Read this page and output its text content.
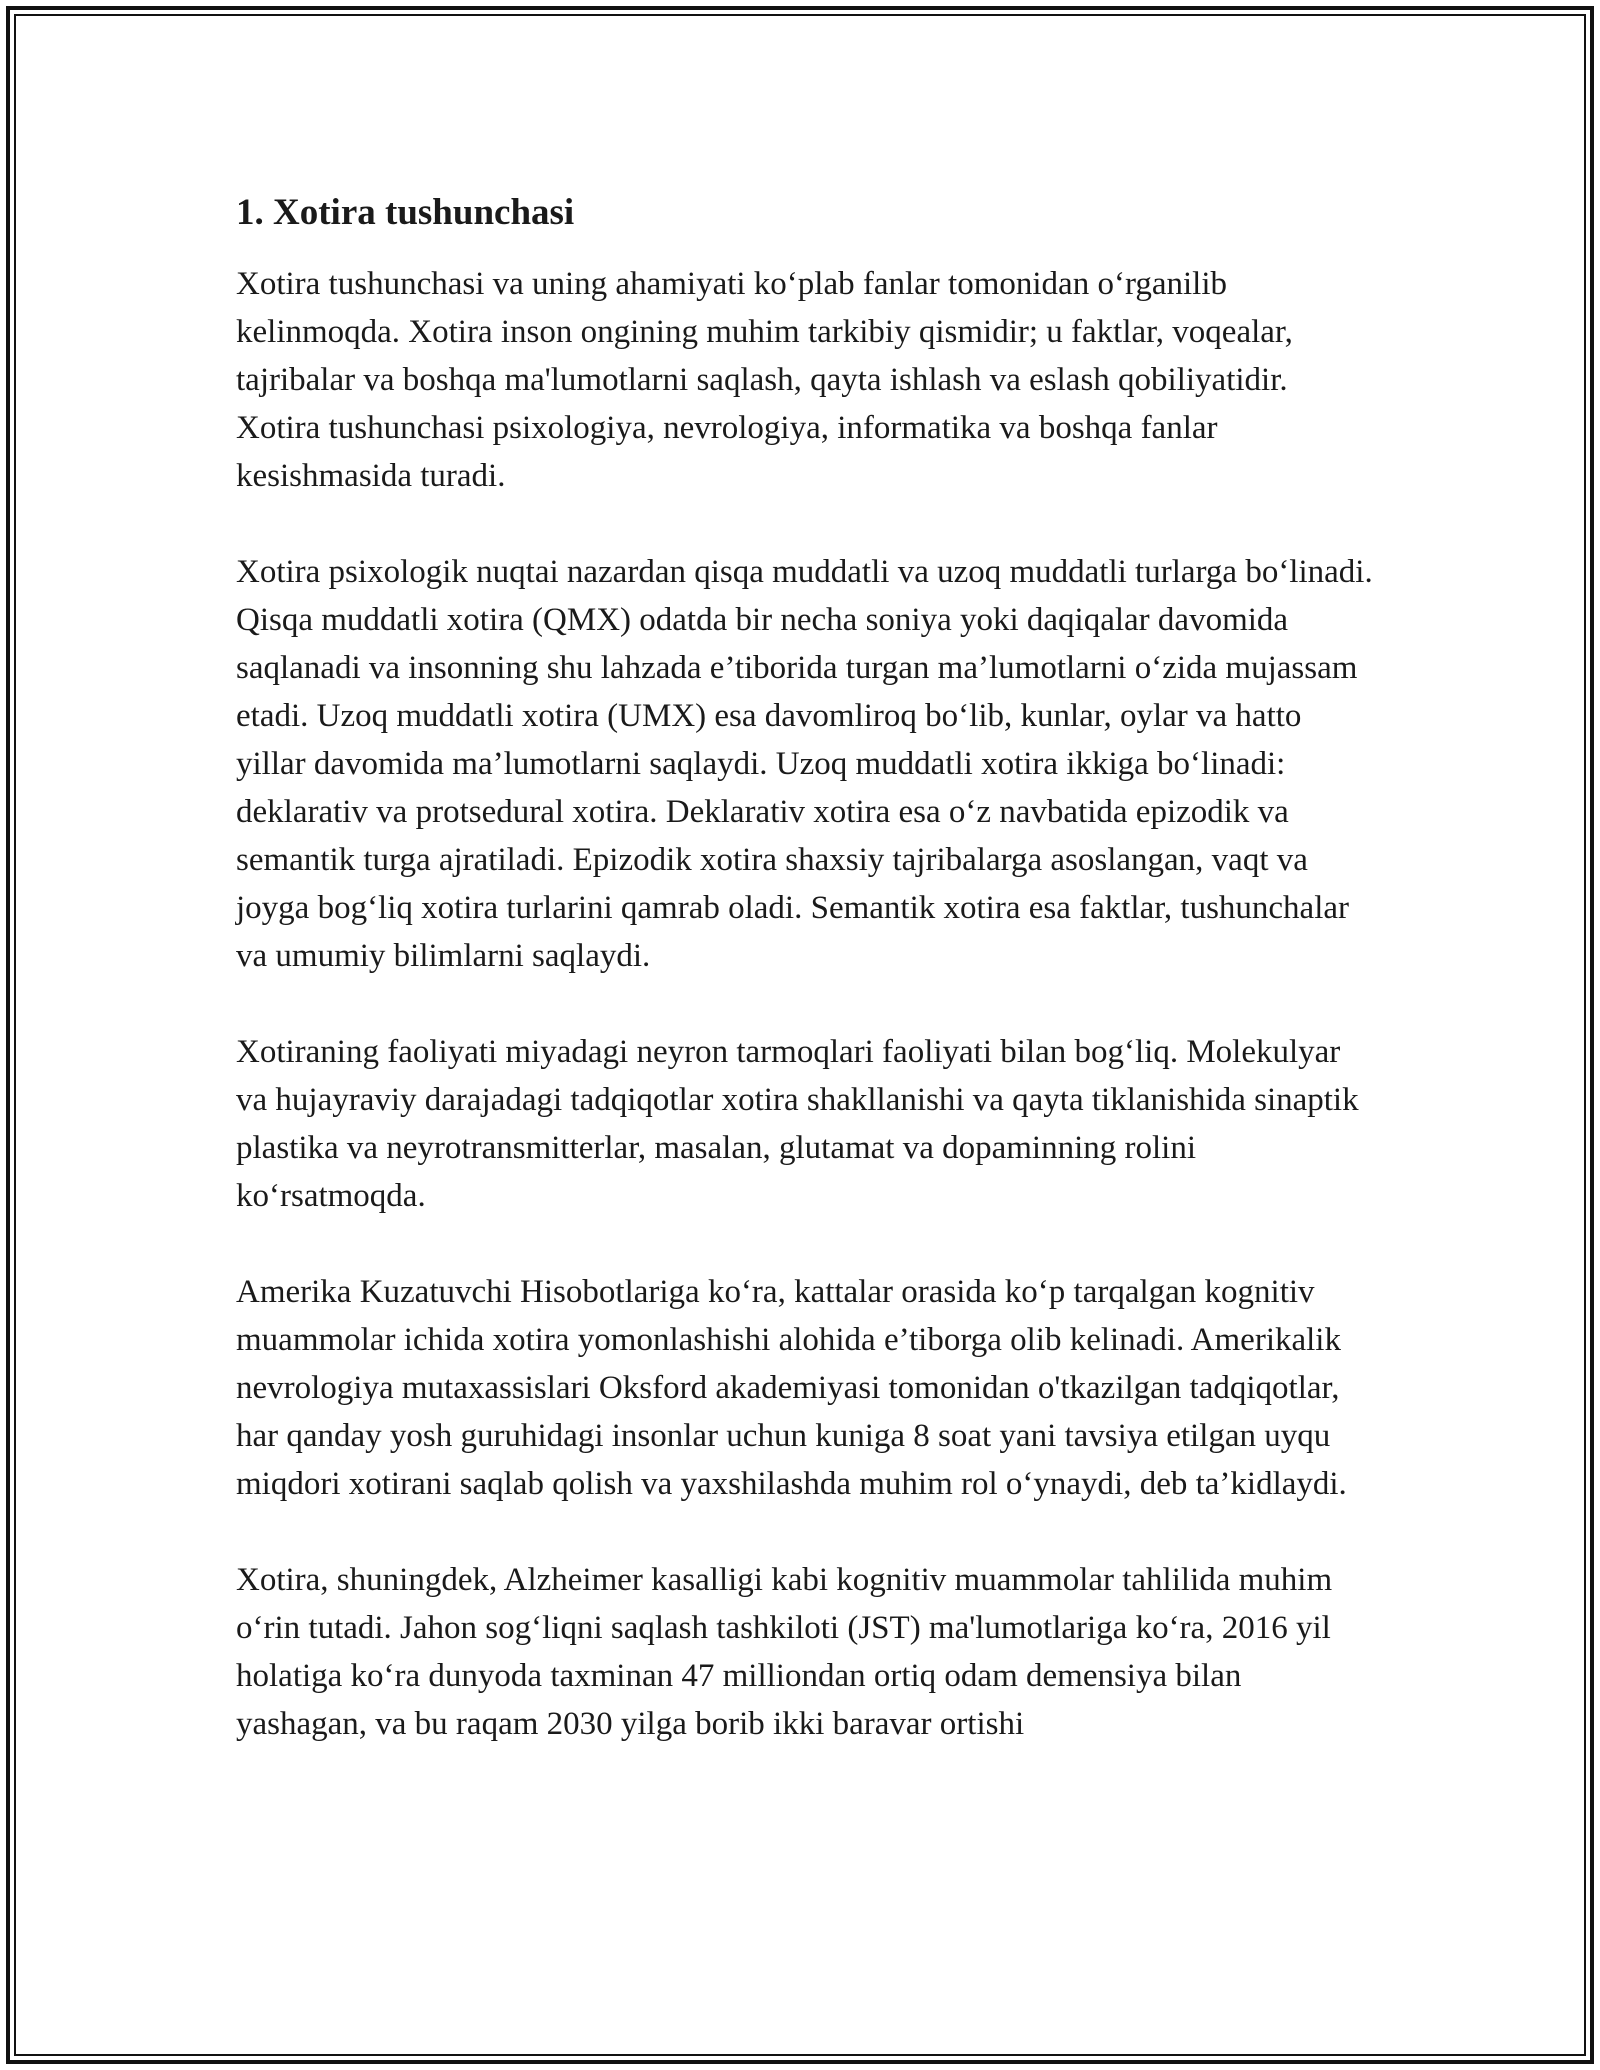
1. Xotira tushunchasi

Xotira tushunchasi va uning ahamiyati ko‘plab fanlar tomonidan o‘rganilib kelinmoqda. Xotira inson ongining muhim tarkibiy qismidir; u faktlar, voqealar, tajribalar va boshqa ma'lumotlarni saqlash, qayta ishlash va eslash qobiliyatidir. Xotira tushunchasi psixologiya, nevrologiya, informatika va boshqa fanlar kesishmasida turadi.

Xotira psixologik nuqtai nazardan qisqa muddatli va uzoq muddatli turlarga bo‘linadi. Qisqa muddatli xotira (QMX) odatda bir necha soniya yoki daqiqalar davomida saqlanadi va insonning shu lahzada e’tiborida turgan ma’lumotlarni o‘zida mujassam etadi. Uzoq muddatli xotira (UMX) esa davomliroq bo‘lib, kunlar, oylar va hatto yillar davomida ma’lumotlarni saqlaydi. Uzoq muddatli xotira ikkiga bo‘linadi: deklarativ va protsedural xotira. Deklarativ xotira esa o‘z navbatida epizodik va semantik turga ajratiladi. Epizodik xotira shaxsiy tajribalarga asoslangan, vaqt va joyga bog‘liq xotira turlarini qamrab oladi. Semantik xotira esa faktlar, tushunchalar va umumiy bilimlarni saqlaydi.

Xotiraning faoliyati miyadagi neyron tarmoqlari faoliyati bilan bog‘liq. Molekulyar va hujayraviy darajadagi tadqiqotlar xotira shakllanishi va qayta tiklanishida sinaptik plastika va neyrotransmitterlar, masalan, glutamat va dopaminning rolini ko‘rsatmoqda.

Amerika Kuzatuvchi Hisobotlariga ko‘ra, kattalar orasida ko‘p tarqalgan kognitiv muammolar ichida xotira yomonlashishi alohida e’tiborga olib kelinadi. Amerikalik nevrologiya mutaxassislari Oksford akademiyasi tomonidan o'tkazilgan tadqiqotlar, har qanday yosh guruhidagi insonlar uchun kuniga 8 soat yani tavsiya etilgan uyqu miqdori xotirani saqlab qolish va yaxshilashda muhim rol o‘ynaydi, deb ta’kidlaydi.

Xotira, shuningdek, Alzheimer kasalligi kabi kognitiv muammolar tahlilida muhim o‘rin tutadi. Jahon sog‘liqni saqlash tashkiloti (JST) ma'lumotlariga ko‘ra, 2016 yil holatiga ko‘ra dunyoda taxminan 47 milliondan ortiq odam demensiya bilan yashagan, va bu raqam 2030 yilga borib ikki baravar ortishi
